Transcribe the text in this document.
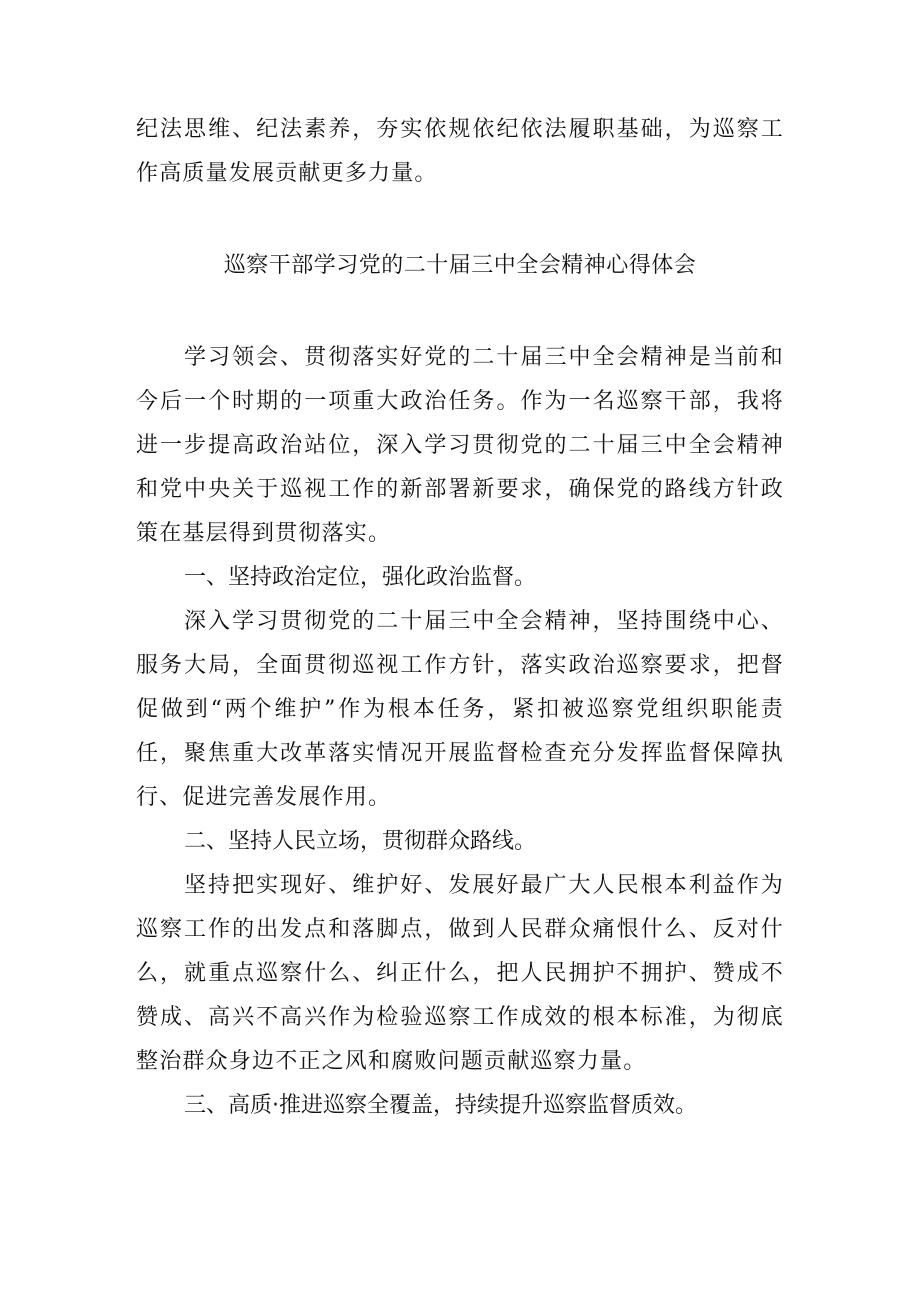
纪法思维、纪法素养，夯实依规依纪依法履职基础，为巡察工作高质量发展贡献更多力量。
巡察干部学习党的二十届三中全会精神心得体会
学习领会、贯彻落实好党的二十届三中全会精神是当前和今后一个时期的一项重大政治任务。作为一名巡察干部，我将进一步提高政治站位，深入学习贯彻党的二十届三中全会精神和党中央关于巡视工作的新部署新要求，确保党的路线方针政策在基层得到贯彻落实。
一、坚持政治定位，强化政治监督。
深入学习贯彻党的二十届三中全会精神，坚持围绕中心、服务大局，全面贯彻巡视工作方针，落实政治巡察要求，把督促做到“两个维护”作为根本任务，紧扣被巡察党组织职能责任，聚焦重大改革落实情况开展监督检查充分发挥监督保障执行、促进完善发展作用。
二、坚持人民立场，贯彻群众路线。
坚持把实现好、维护好、发展好最广大人民根本利益作为巡察工作的出发点和落脚点，做到人民群众痛恨什么、反对什么，就重点巡察什么、纠正什么，把人民拥护不拥护、赞成不赞成、高兴不高兴作为检验巡察工作成效的根本标准，为彻底整治群众身边不正之风和腐败问题贡献巡察力量。
三、高质·推进巡察全覆盖，持续提升巡察监督质效。
